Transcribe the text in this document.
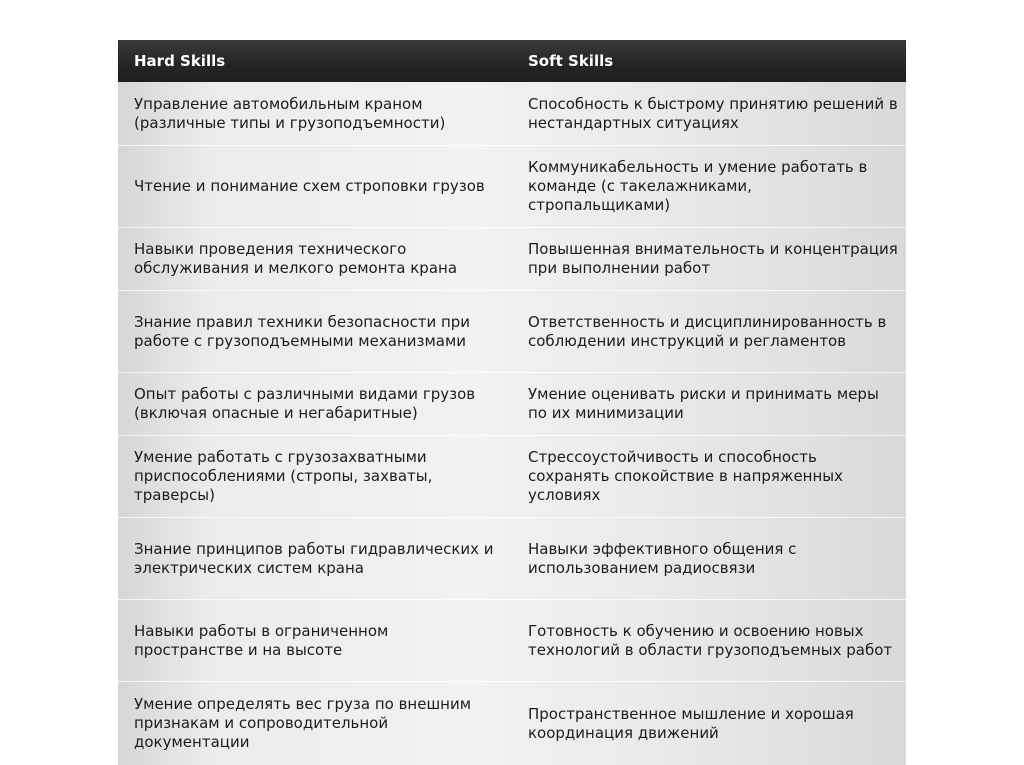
Hard Skills	Soft Skills
Управление автомобильным краном (различные типы и грузоподъемности)
Способность к быстрому принятию решений в нестандартных ситуациях
Чтение и понимание схем строповки грузов
Коммуникабельность и умение работать в команде (с такелажниками, стропальщиками)
Навыки проведения технического обслуживания и мелкого ремонта крана
Повышенная внимательность и концентрация при выполнении работ
Знание правил техники безопасности при работе с грузоподъемными механизмами
Ответственность и дисциплинированность в соблюдении инструкций и регламентов
Опыт работы с различными видами грузов (включая опасные и негабаритные)
Умение оценивать риски и принимать меры по их минимизации
Умение работать с грузозахватными приспособлениями (стропы, захваты, траверсы)
Стрессоустойчивость и способность сохранять спокойствие в напряженных условиях
Знание принципов работы гидравлических и электрических систем крана
Навыки эффективного общения с использованием радиосвязи
Навыки работы в ограниченном пространстве и на высоте
Готовность к обучению и освоению новых технологий в области грузоподъемных работ
Умение определять вес груза по внешним признакам и сопроводительной документации
Пространственное мышление и хорошая координация движений
